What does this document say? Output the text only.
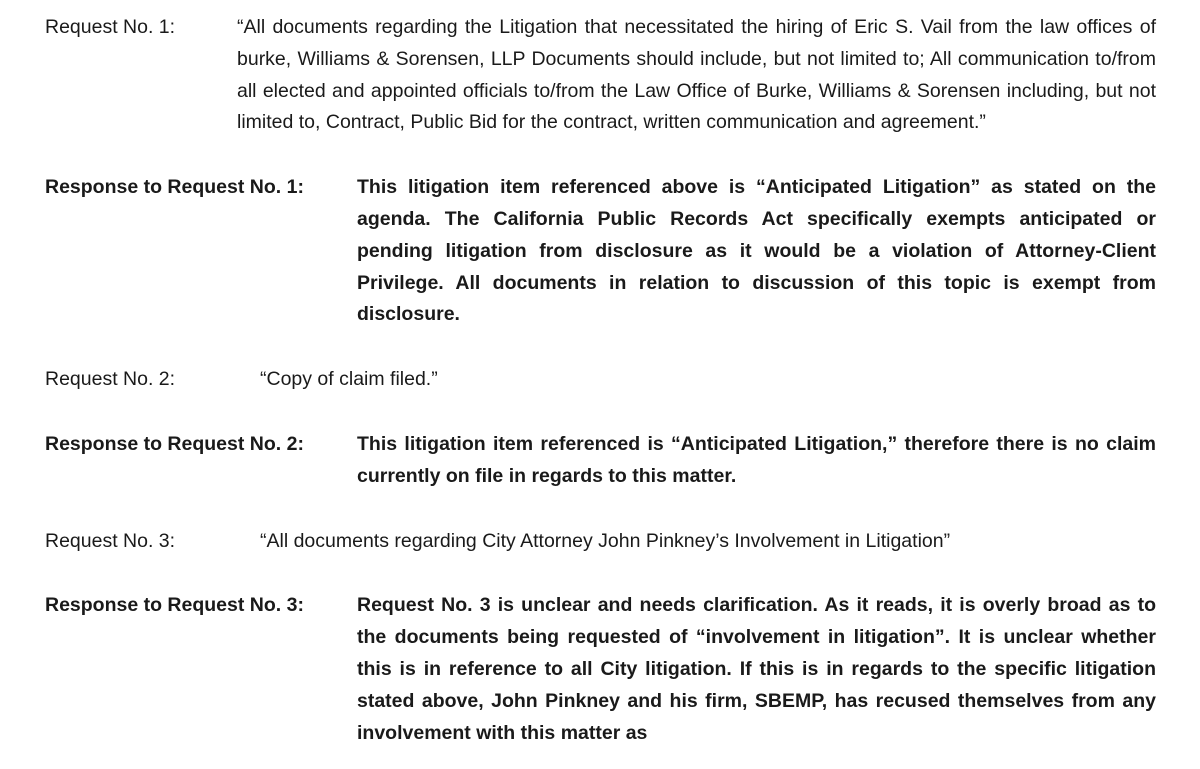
Request No. 1:	“All documents regarding the Litigation that necessitated the hiring of Eric S. Vail from the law offices of burke, Williams & Sorensen, LLP Documents should include, but not limited to; All communication to/from all elected and appointed officials to/from the Law Office of Burke, Williams & Sorensen including, but not limited to, Contract, Public Bid for the contract, written communication and agreement.”

Response to Request No. 1:	This litigation item referenced above is “Anticipated Litigation” as stated on the agenda. The California Public Records Act specifically exempts anticipated or pending litigation from disclosure as it would be a violation of Attorney-Client Privilege. All documents in relation to discussion of this topic is exempt from disclosure.

Request No. 2:	“Copy of claim filed.”

Response to Request No. 2:	This litigation item referenced is “Anticipated Litigation,” therefore there is no claim currently on file in regards to this matter.

Request No. 3:	“All documents regarding City Attorney John Pinkney’s Involvement in Litigation”

Response to Request No. 3:	Request No. 3 is unclear and needs clarification. As it reads, it is overly broad as to the documents being requested of “involvement in litigation”. It is unclear whether this is in reference to all City litigation. If this is in regards to the specific litigation stated above, John Pinkney and his firm, SBEMP, has recused themselves from any involvement with this matter as
